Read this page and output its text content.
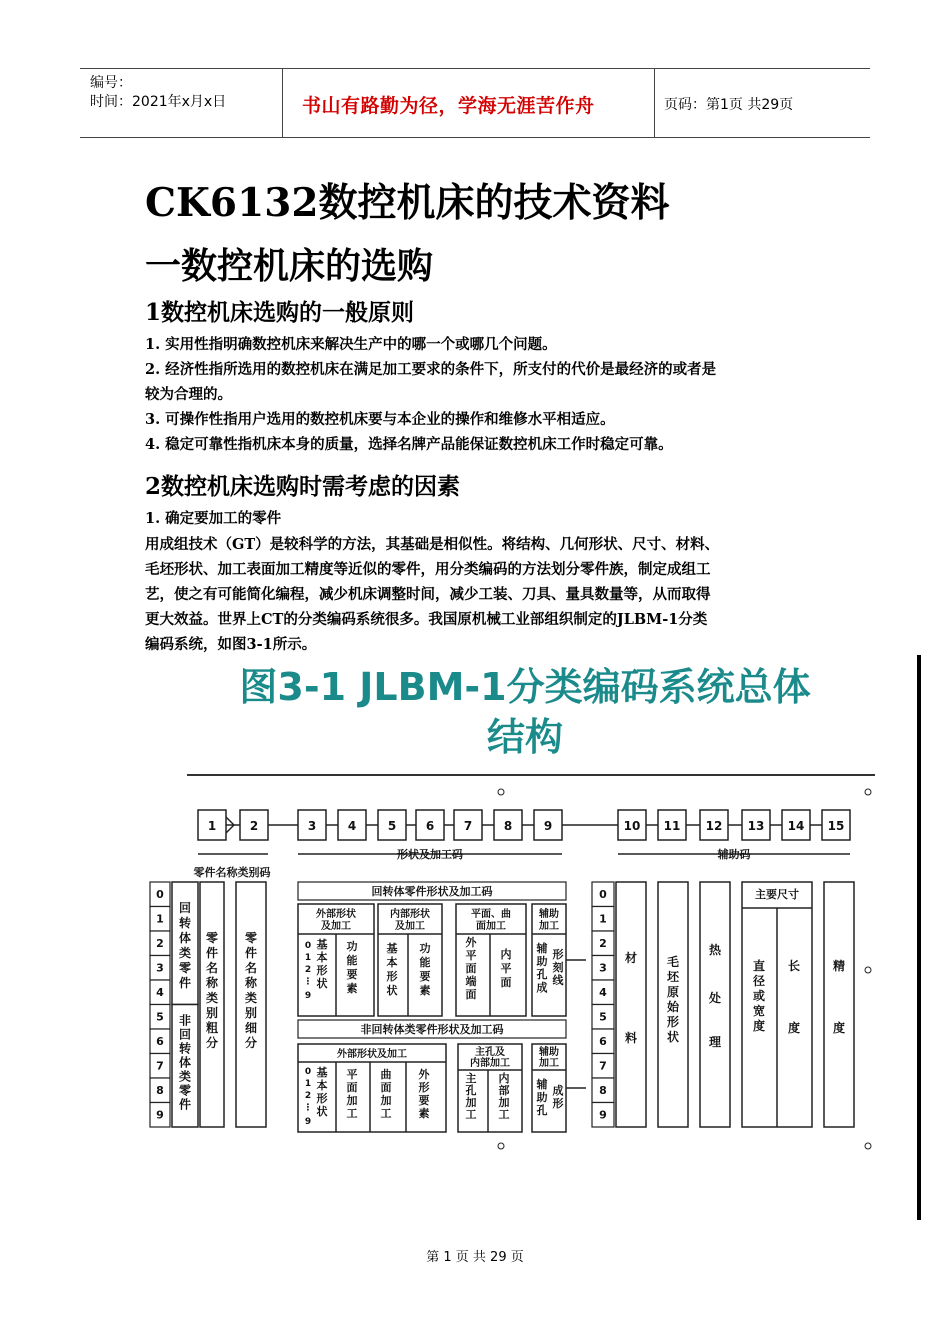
编号：
时间：2021年x月x日	书山有路勤为径，学海无涯苦作舟	页码：第1页 共29页
CK6132数控机床的技术资料
一数控机床的选购
1数控机床选购的一般原则

1. 实用性指明确数控机床来解决生产中的哪一个或哪几个问题。

2. 经济性指所选用的数控机床在满足加工要求的条件下，所支付的代价是最经济的或者是

较为合理的。

3. 可操作性指用户选用的数控机床要与本企业的操作和维修水平相适应。

4. 稳定可靠性指机床本身的质量，选择名牌产品能保证数控机床工作时稳定可靠。

2数控机床选购时需考虑的因素

1. 确定要加工的零件

用成组技术（GT）是较科学的方法，其基础是相似性。将结构、几何形状、尺寸、材料、

毛坯形状、加工表面加工精度等近似的零件，用分类编码的方法划分零件族，制定成组工

艺，使之有可能简化编程，减少机床调整时间，减少工装、刀具、量具数量等，从而取得

更大效益。世界上CT的分类编码系统很多。我国原机械工业部组织制定的JLBM-1分类

编码系统，如图3-1所示。

图3-1 JLBM-1分类编码系统总体
结构
1	2	3	4	5 6 7	8	9	10 11 12 13 14 15
形状及加工码	辅助码
零件名称类别码
0
1
2
3
4
5
6
7
8
9
回
转
体
类
零
件
非
回
转
体
类
零
件
零
件
名
称
类
别
粗
分
零
件
名
称
类
别
细
分
回转体零件形状及加工码
外部形状
及加工
0
1
2
⋮
9
基
本
形
状
功
能
要
素
内部形状
及加工
基
本
形
状
功
能
要
素
平面、曲
面加工
外
平
面
端
面
内
平
面
辅助
加工
辅
助
孔
成
形
刻
线
非回转体类零件形状及加工码
外部形状及加工
0
1
2
⋮
9
基
本
形
状
平
面
加
工
曲
面
加
工
外
形
要
素
主孔及
内部加工
主
孔
加
工
内
部
加
工
辅助
加工
辅
助
孔
成
形
0
1
2
3
4
5
6
7
8
9
材
料
毛
坯
原
始
形
状
热
处
理
主要尺寸
直
径
或
宽
度
长
度
精
度
第 1 页 共 29 页
